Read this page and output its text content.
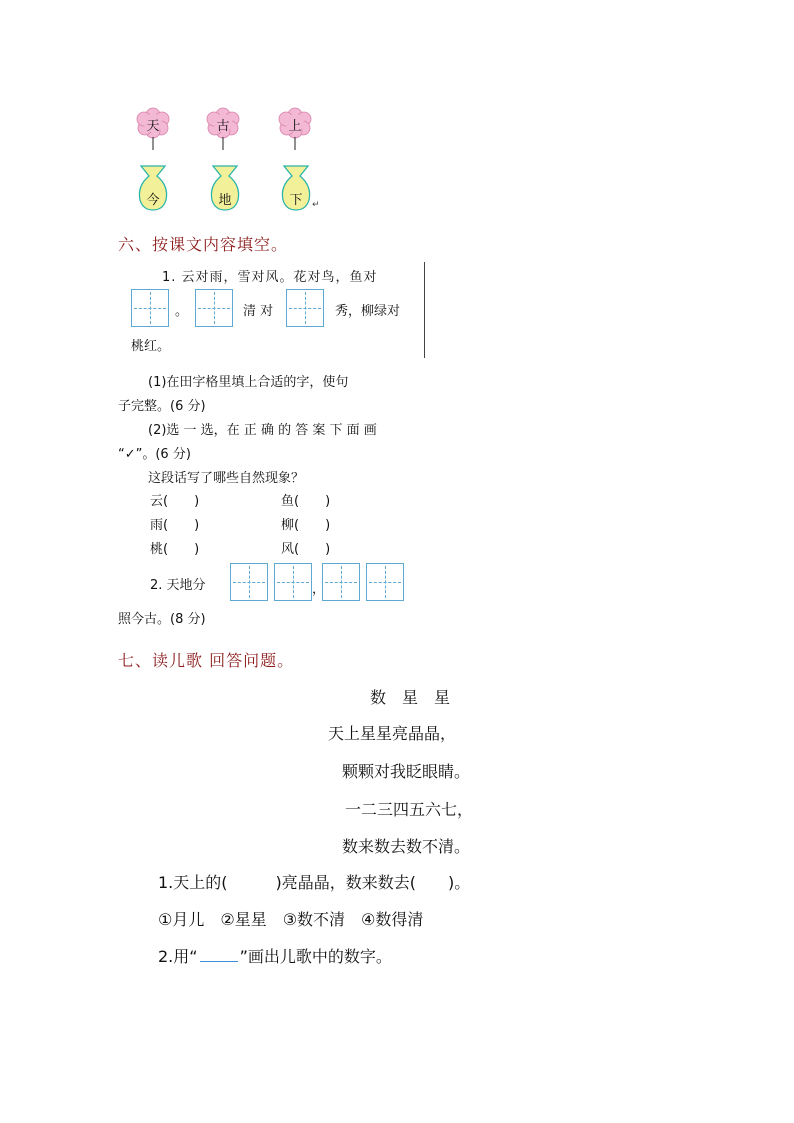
天	古	上
今	地	下	↵
六、按课文内容填空。
1. 云对雨，雪对风。花对鸟，鱼对
。	清 对	秀，柳绿对
桃红。
(1)在田字格里填上合适的字，使句
子完整。(6 分)
(2)选 一 选，在 正 确 的 答 案 下 面 画
“✓”。(6 分)
这段话写了哪些自然现象？
云(　　)	鱼(　　)
雨(　　)	柳(　　)
桃(　　)	风(　　)
2. 天地分	，
照今古。(8 分)
七、读儿歌 回答问题。
数　星　星
天上星星亮晶晶，
颗颗对我眨眼睛。
一二三四五六七，
数来数去数不清。
1.天上的(　　　)亮晶晶，数来数去(　　)。
①月儿　②星星　③数不清　④数得清
2.用“	”画出儿歌中的数字。
